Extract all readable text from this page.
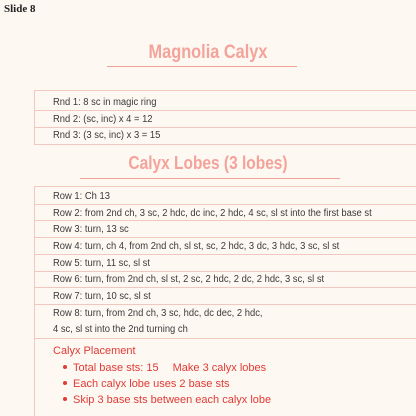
Slide 8
Magnolia Calyx
Rnd 1: 8 sc in magic ring
Rnd 2: (sc, inc) x 4 = 12
Rnd 3: (3 sc, inc) x 3 = 15
Calyx Lobes (3 lobes)
Row 1: Ch 13
Row 2: from 2nd ch, 3 sc, 2 hdc, dc inc, 2 hdc, 4 sc, sl st into the first base st
Row 3: turn, 13 sc
Row 4: turn, ch 4, from 2nd ch, sl st, sc, 2 hdc, 3 dc, 3 hdc, 3 sc, sl st
Row 5: turn, 11 sc, sl st
Row 6: turn, from 2nd ch, sl st, 2 sc, 2 hdc, 2 dc, 2 hdc, 3 sc, sl st
Row 7: turn, 10 sc, sl st
Row 8: turn, from 2nd ch, 3 sc, hdc, dc dec, 2 hdc,
4 sc, sl st into the 2nd turning ch
Calyx Placement
Total base sts: 15 Make 3 calyx lobes
Each calyx lobe uses 2 base sts
Skip 3 base sts between each calyx lobe
